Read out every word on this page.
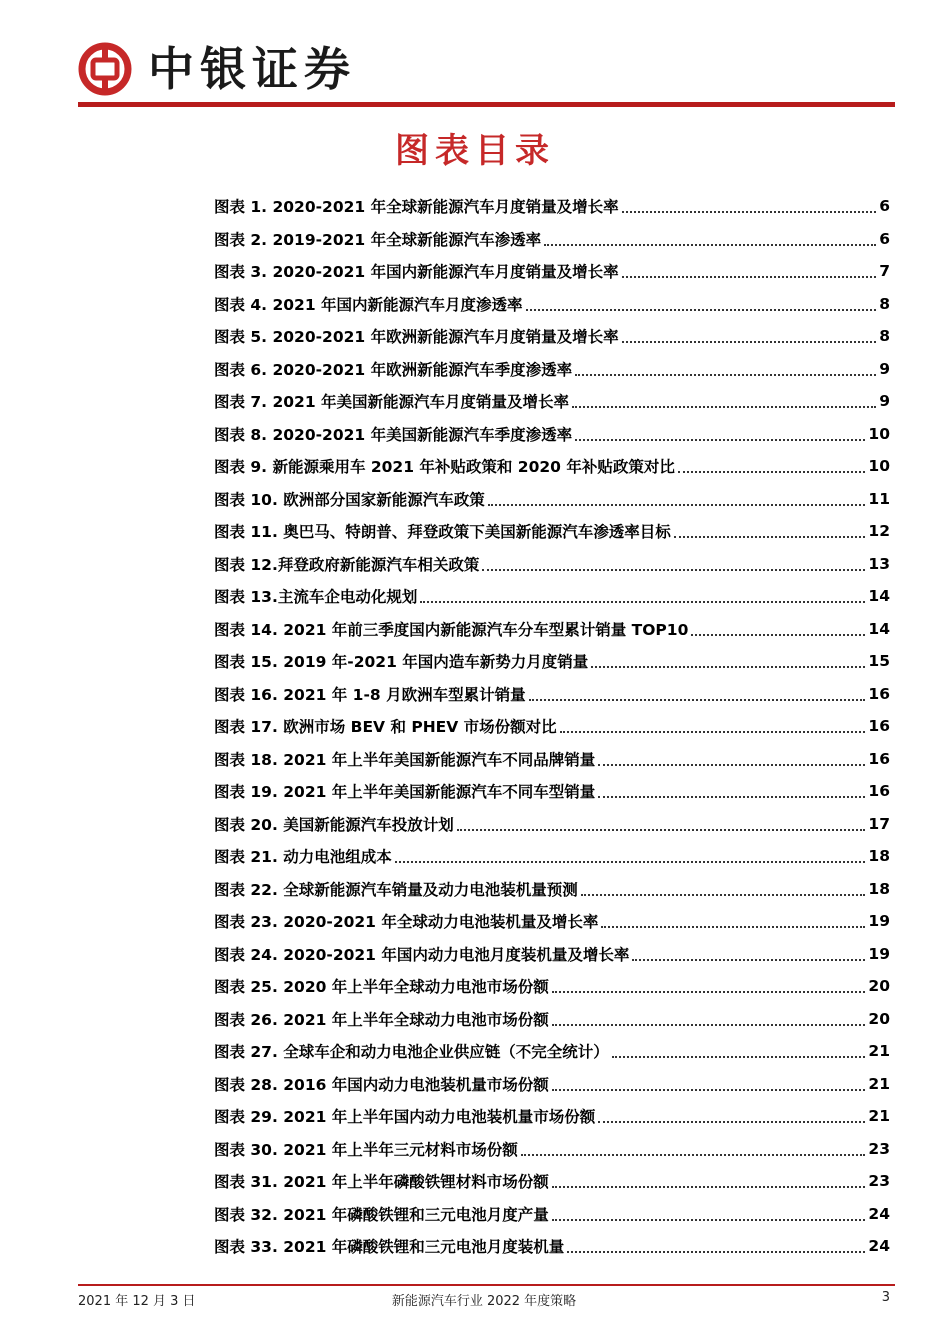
中银证券
图表目录
图表 1. 2020-2021 年全球新能源汽车月度销量及增长率	6
图表 2. 2019-2021 年全球新能源汽车渗透率	6
图表 3. 2020-2021 年国内新能源汽车月度销量及增长率	7
图表 4. 2021 年国内新能源汽车月度渗透率	8
图表 5. 2020-2021 年欧洲新能源汽车月度销量及增长率	8
图表 6. 2020-2021 年欧洲新能源汽车季度渗透率	9
图表 7. 2021 年美国新能源汽车月度销量及增长率	9
图表 8. 2020-2021 年美国新能源汽车季度渗透率	10
图表 9. 新能源乘用车 2021 年补贴政策和 2020 年补贴政策对比	10
图表 10. 欧洲部分国家新能源汽车政策	11
图表 11. 奥巴马、特朗普、拜登政策下美国新能源汽车渗透率目标	12
图表 12.拜登政府新能源汽车相关政策	13
图表 13.主流车企电动化规划	14
图表 14. 2021 年前三季度国内新能源汽车分车型累计销量 TOP10	14
图表 15. 2019 年-2021 年国内造车新势力月度销量	15
图表 16. 2021 年 1-8 月欧洲车型累计销量	16
图表 17. 欧洲市场 BEV 和 PHEV 市场份额对比	16
图表 18. 2021 年上半年美国新能源汽车不同品牌销量	16
图表 19. 2021 年上半年美国新能源汽车不同车型销量	16
图表 20. 美国新能源汽车投放计划	17
图表 21. 动力电池组成本	18
图表 22. 全球新能源汽车销量及动力电池装机量预测	18
图表 23. 2020-2021 年全球动力电池装机量及增长率	19
图表 24. 2020-2021 年国内动力电池月度装机量及增长率	19
图表 25. 2020 年上半年全球动力电池市场份额	20
图表 26. 2021 年上半年全球动力电池市场份额	20
图表 27. 全球车企和动力电池企业供应链（不完全统计）	21
图表 28. 2016 年国内动力电池装机量市场份额	21
图表 29. 2021 年上半年国内动力电池装机量市场份额	21
图表 30. 2021 年上半年三元材料市场份额	23
图表 31. 2021 年上半年磷酸铁锂材料市场份额	23
图表 32. 2021 年磷酸铁锂和三元电池月度产量	24
图表 33. 2021 年磷酸铁锂和三元电池月度装机量	24
2021 年 12 月 3 日	新能源汽车行业 2022 年度策略	3
